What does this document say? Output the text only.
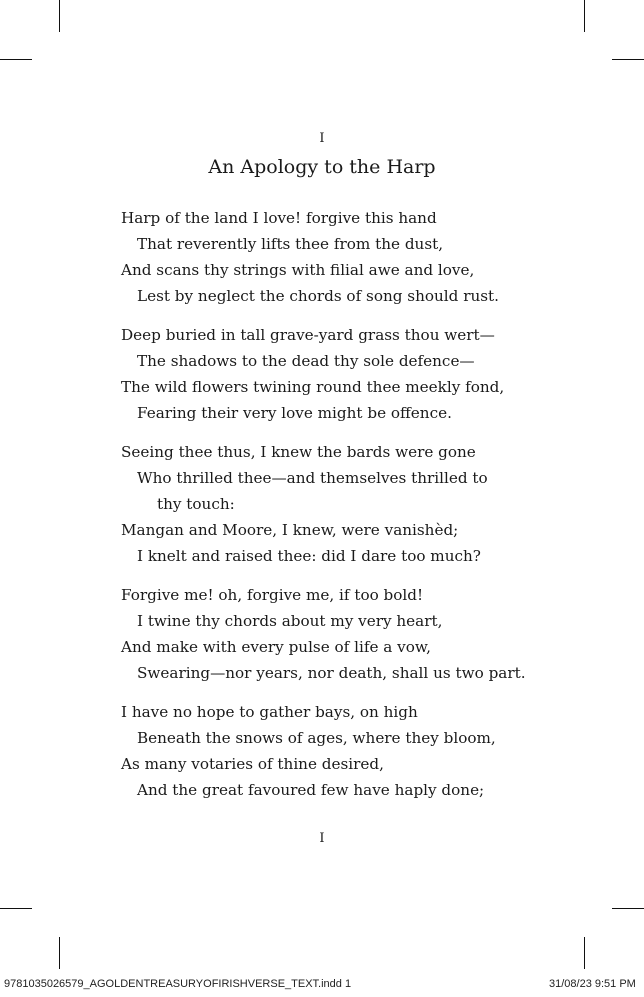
I
An Apology to the Harp
Harp of the land I love! forgive this hand
That reverently lifts thee from the dust,
And scans thy strings with filial awe and love,
Lest by neglect the chords of song should rust.
Deep buried in tall grave-yard grass thou wert—
The shadows to the dead thy sole defence—
The wild flowers twining round thee meekly fond,
Fearing their very love might be offence.
Seeing thee thus, I knew the bards were gone
Who thrilled thee—and themselves thrilled to
thy touch:
Mangan and Moore, I knew, were vanishèd;
I knelt and raised thee: did I dare too much?
Forgive me! oh, forgive me, if too bold!
I twine thy chords about my very heart,
And make with every pulse of life a vow,
Swearing—nor years, nor death, shall us two part.
I have no hope to gather bays, on high
Beneath the snows of ages, where they bloom,
As many votaries of thine desired,
And the great favoured few have haply done;
I
9781035026579_AGOLDENTREASURYOFIRISHVERSE_TEXT.indd 1	31/08/23 9:51 PM
